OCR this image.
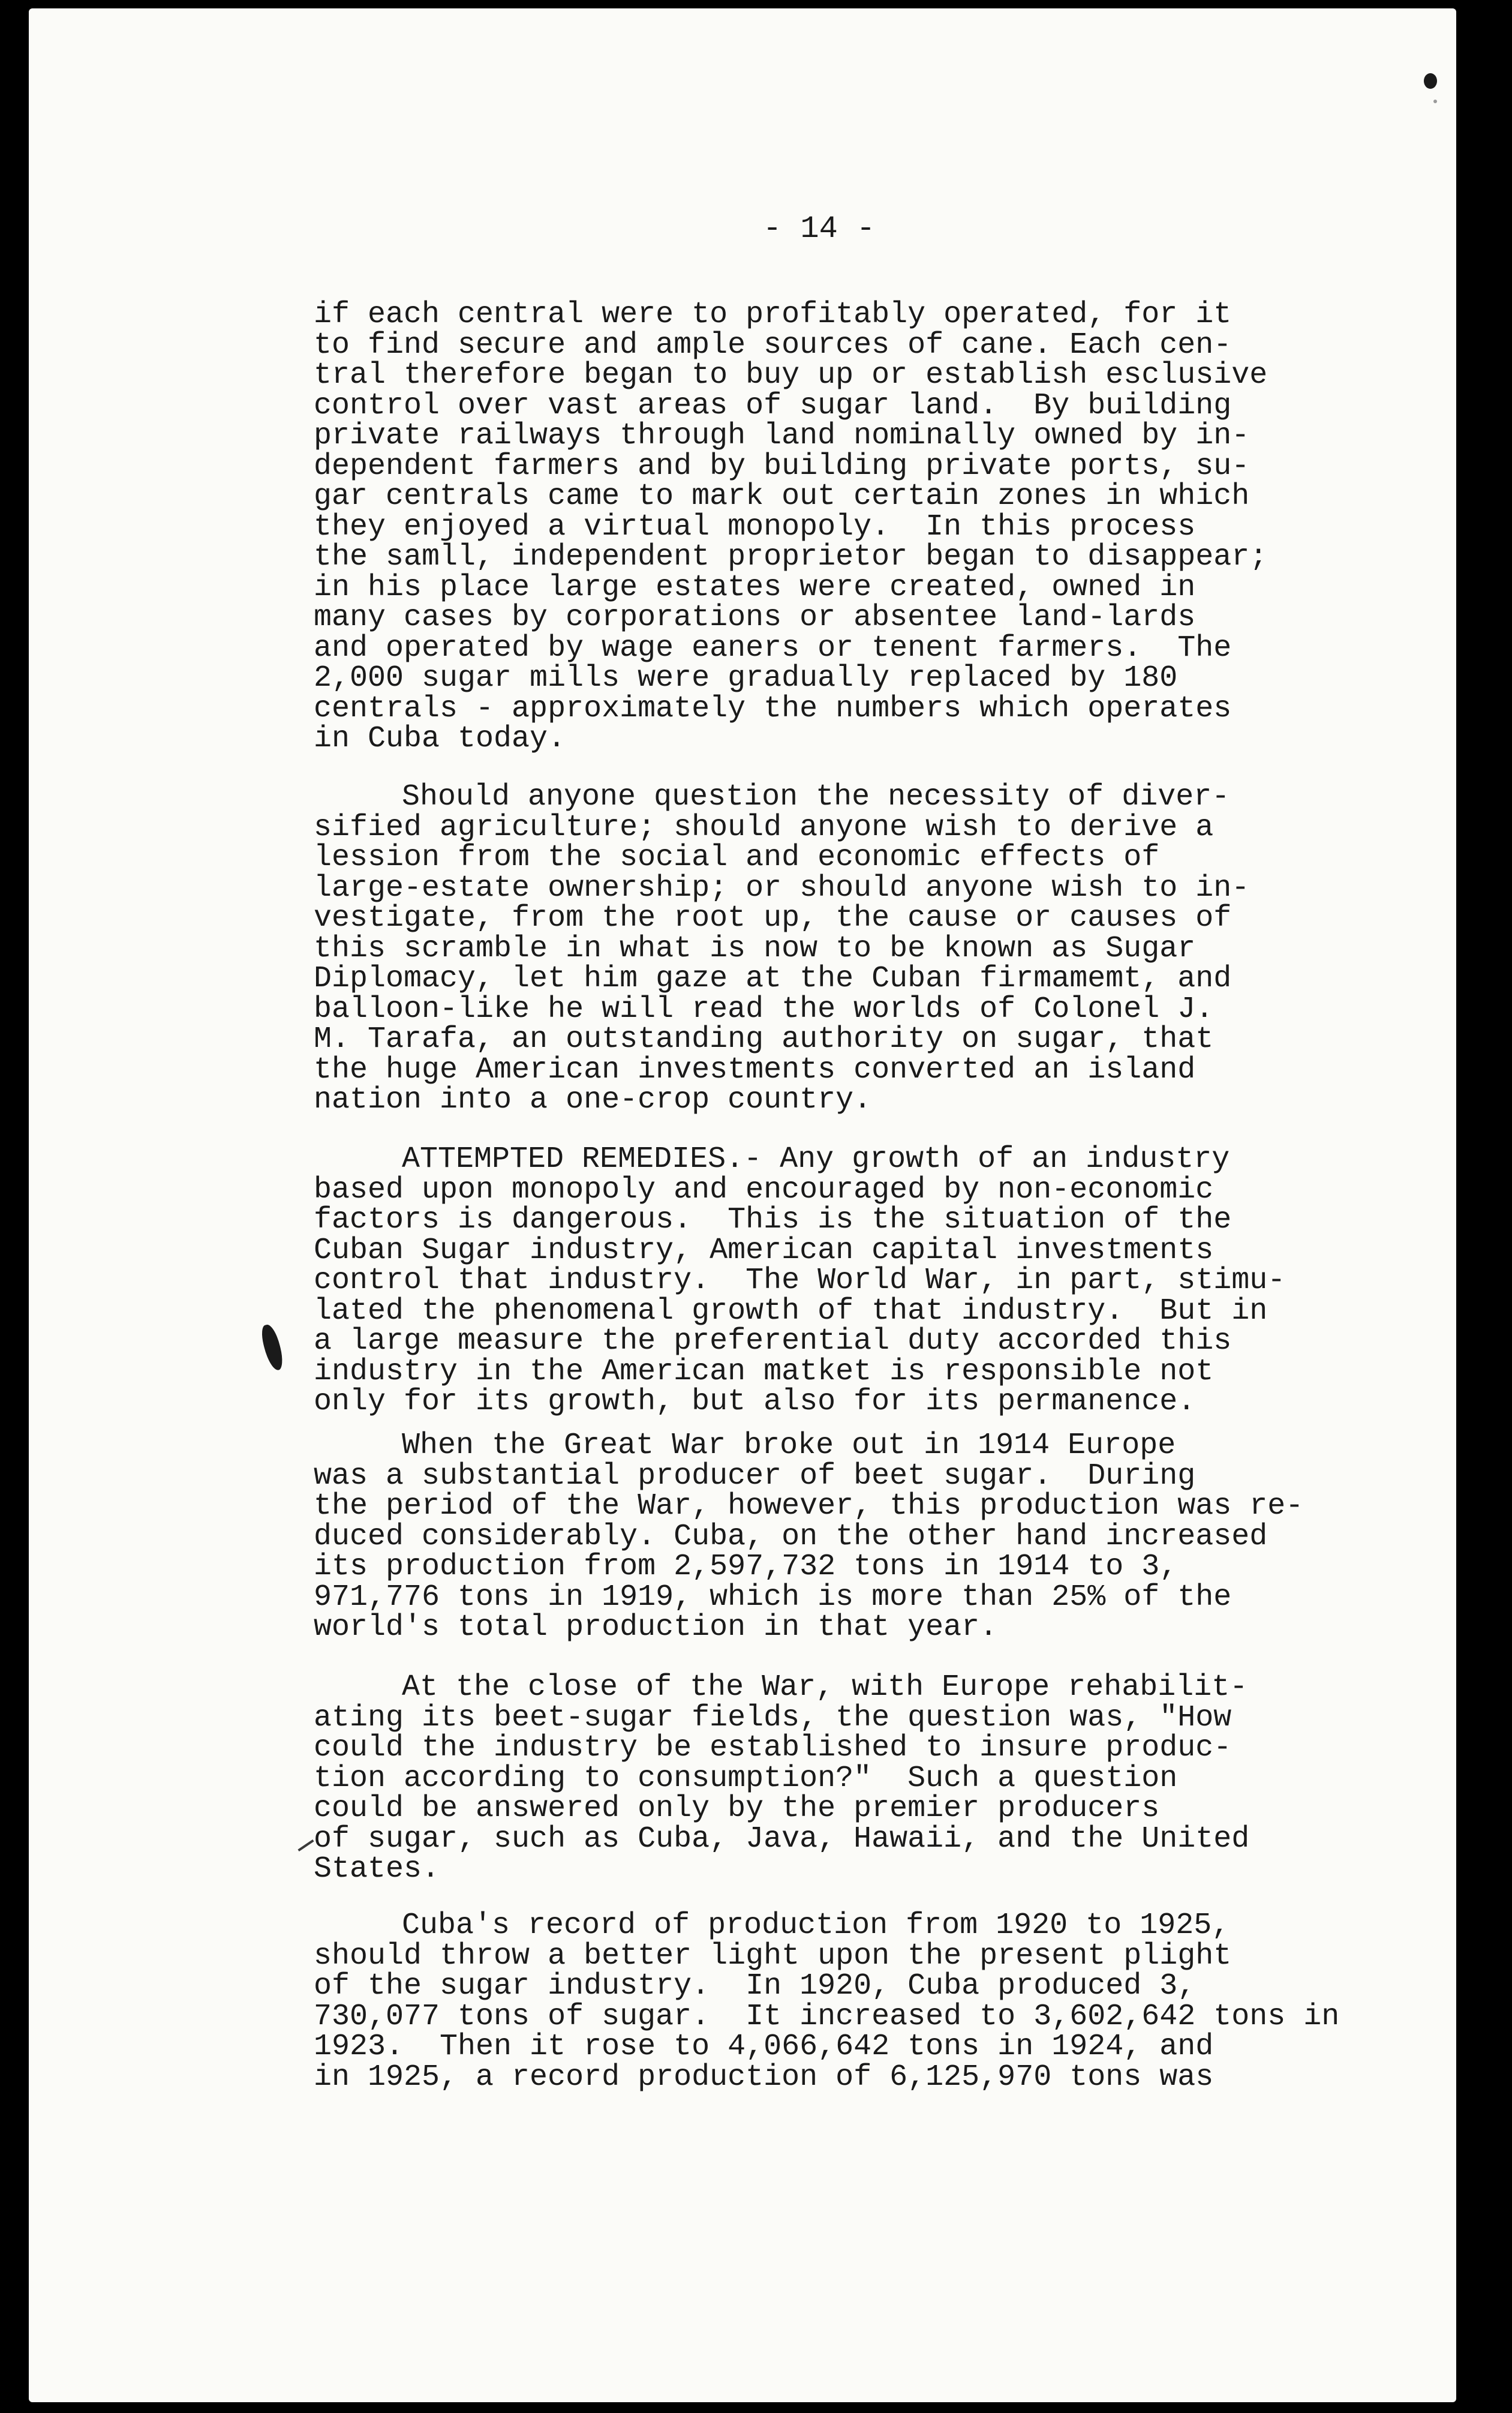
- 14 -
if each central were to profitably operated, for it
to find secure and ample sources of cane. Each cen-
tral therefore began to buy up or establish esclusive
control over vast areas of sugar land.  By building
private railways through land nominally owned by in-
dependent farmers and by building private ports, su-
gar centrals came to mark out certain zones in which
they enjoyed a virtual monopoly.  In this process
the samll, independent proprietor began to disappear;
in his place large estates were created, owned in
many cases by corporations or absentee land-lards
and operated by wage eaners or tenent farmers.  The
2,000 sugar mills were gradually replaced by 180
centrals - approximately the numbers which operates
in Cuba today.
Should anyone question the necessity of diver-
sified agriculture; should anyone wish to derive a
lession from the social and economic effects of
large-estate ownership; or should anyone wish to in-
vestigate, from the root up, the cause or causes of
this scramble in what is now to be known as Sugar
Diplomacy, let him gaze at the Cuban firmamemt, and
balloon-like he will read the worlds of Colonel J.
M. Tarafa, an outstanding authority on sugar, that
the huge American investments converted an island
nation into a one-crop country.
ATTEMPTED REMEDIES.- Any growth of an industry
based upon monopoly and encouraged by non-economic
factors is dangerous.  This is the situation of the
Cuban Sugar industry, American capital investments
control that industry.  The World War, in part, stimu-
lated the phenomenal growth of that industry.  But in
a large measure the preferential duty accorded this
industry in the American matket is responsible not
only for its growth, but also for its permanence.
When the Great War broke out in 1914 Europe
was a substantial producer of beet sugar.  During
the period of the War, however, this production was re-
duced considerably. Cuba, on the other hand increased
its production from 2,597,732 tons in 1914 to 3,
971,776 tons in 1919, which is more than 25% of the
world's total production in that year.
At the close of the War, with Europe rehabilit-
ating its beet-sugar fields, the question was, "How
could the industry be established to insure produc-
tion according to consumption?"  Such a question
could be answered only by the premier producers
of sugar, such as Cuba, Java, Hawaii, and the United
States.
Cuba's record of production from 1920 to 1925,
should throw a better light upon the present plight
of the sugar industry.  In 1920, Cuba produced 3,
730,077 tons of sugar.  It increased to 3,602,642 tons in
1923.  Then it rose to 4,066,642 tons in 1924, and
in 1925, a record production of 6,125,970 tons was
